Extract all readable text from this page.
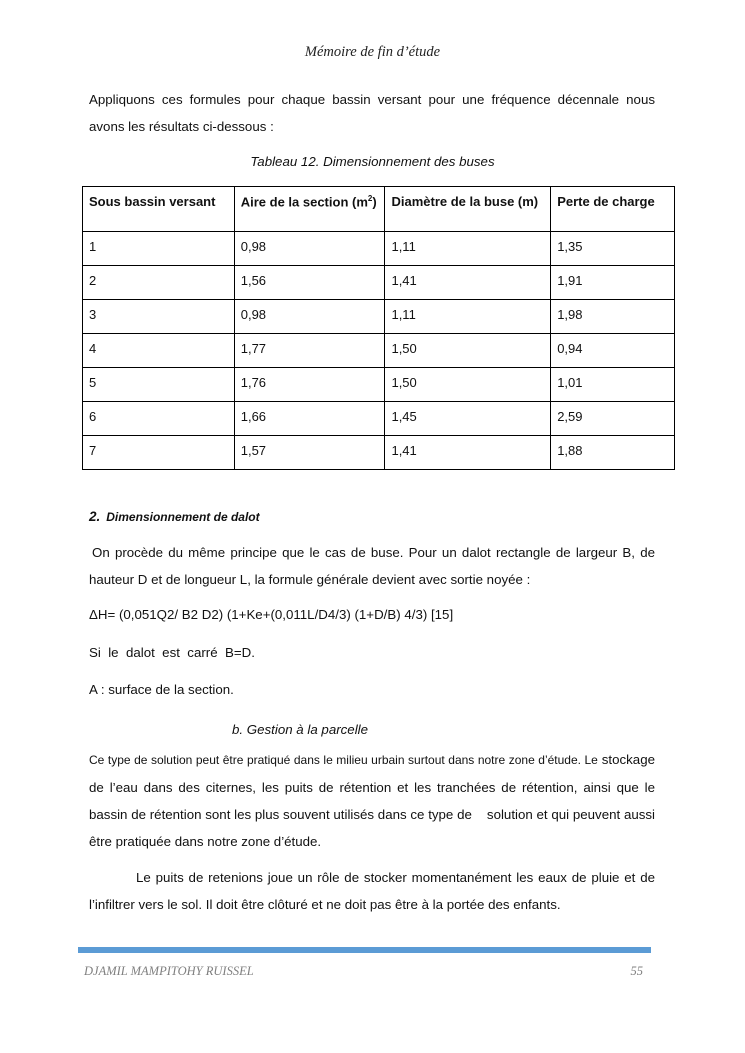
Mémoire de fin d’étude
Appliquons ces formules pour chaque bassin versant pour une fréquence décennale nous avons les résultats ci-dessous :
Tableau 12. Dimensionnement des buses
Sous bassin versant	Aire de la section $(m^2)$	Diamètre de la buse (m)	Perte de charge
1	0,98	1,11	1,35
2	1,56	1,41	1,91
3	0,98	1,11	1,98
4	1,77	1,50	0,94
5	1,76	1,50	1,01
6	1,66	1,45	2,59
7	1,57	1,41	1,88
2. Dimensionnement de dalot
On procède du même principe que le cas de buse. Pour un dalot rectangle de largeur B, de hauteur D et de longueur L, la formule générale devient avec sortie noyée :
ΔH= (0,051Q2/ B2 D2) (1+Ke+(0,011L/D4/3) (1+D/B) 4/3) [15]
Si  le  dalot  est  carré  B=D.
A : surface de la section.
b. Gestion à la parcelle
Ce type de solution peut être pratiqué dans le milieu urbain surtout dans notre zone d’étude. Le stockage de l’eau dans des citernes, les puits de rétention et les tranchées de rétention, ainsi que le bassin de rétention sont les plus souvent utilisés dans ce type de    solution et qui peuvent aussi être pratiquée dans notre zone d’étude.
Le puits de retenions joue un rôle de stocker momentanément les eaux de pluie et de l’infiltrer vers le sol. Il doit être clôturé et ne doit pas être à la portée des enfants.
DJAMIL MAMPITOHY RUISSEL	55
